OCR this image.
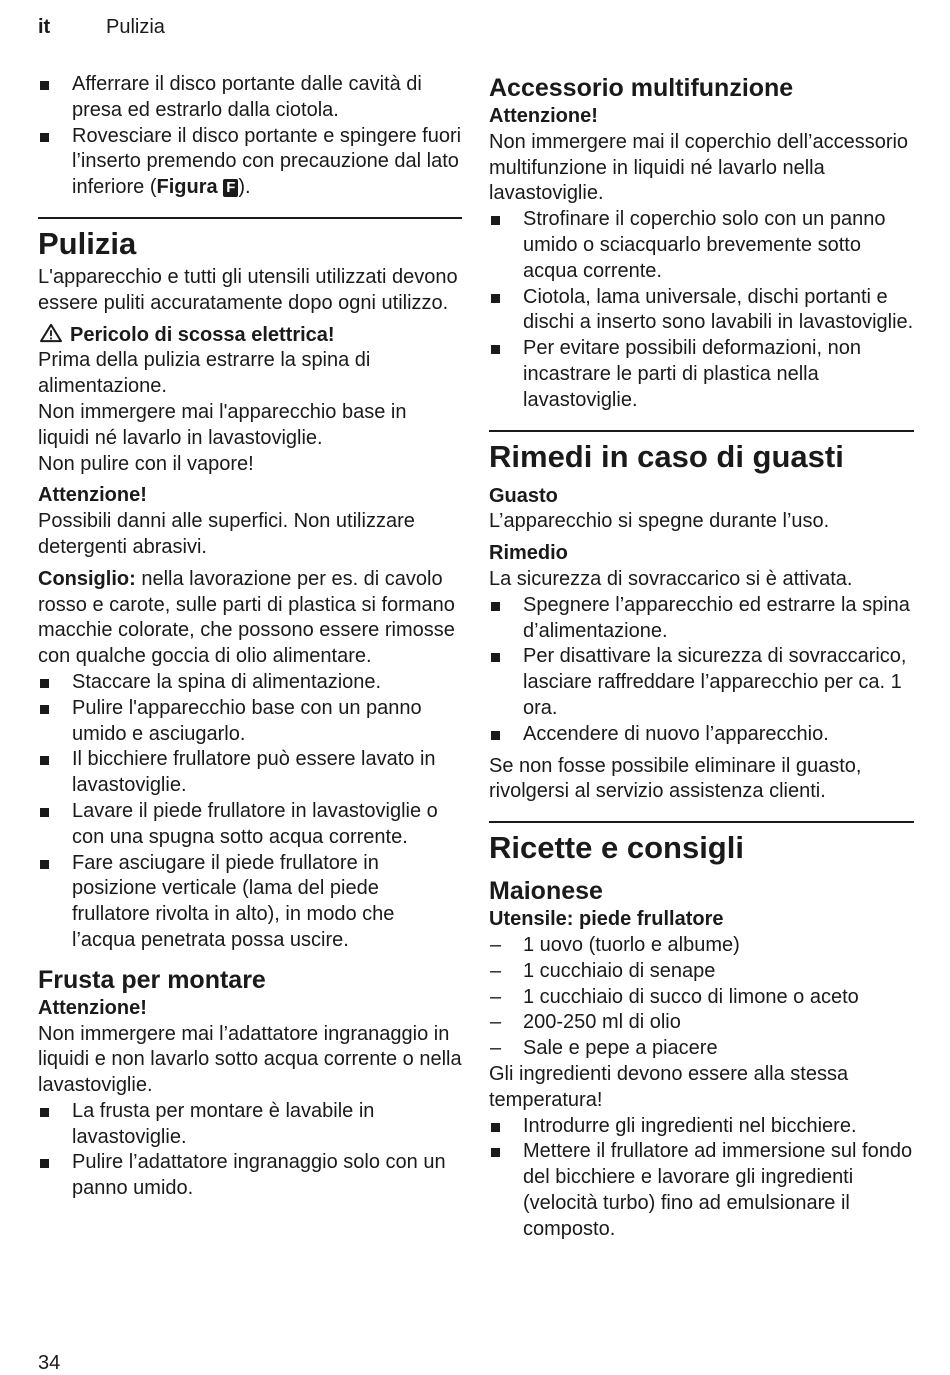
it	Pulizia
Afferrare il disco portante dalle cavità di presa ed estrarlo dalla ciotola.
Rovesciare il disco portante e spingere fuori l’inserto premendo con precauzione dal lato inferiore (Figura F ).
Pulizia

L'apparecchio e tutti gli utensili utilizzati devono essere puliti accuratamente dopo ogni utilizzo.

Pericolo di scossa elettrica!

Prima della pulizia estrarre la spina di alimentazione.

Non immergere mai l'apparecchio base in liquidi né lavarlo in lavastoviglie.

Non pulire con il vapore!

Attenzione!

Possibili danni alle superfici. Non utilizzare detergenti abrasivi.

Consiglio: nella lavorazione per es. di cavolo rosso e carote, sulle parti di plastica si formano macchie colorate, che possono essere rimosse con qualche goccia di olio alimentare.

Staccare la spina di alimentazione.
Pulire l'apparecchio base con un panno umido e asciugarlo.
Il bicchiere frullatore può essere lavato in lavastoviglie.
Lavare il piede frullatore in lavastoviglie o con una spugna sotto acqua corrente.
Fare asciugare il piede frullatore in posizione verticale (lama del piede frullatore rivolta in alto), in modo che l’acqua penetrata possa uscire.
Frusta per montare

Attenzione!

Non immergere mai l’adattatore ingranaggio in liquidi e non lavarlo sotto acqua corrente o nella lavastoviglie.

La frusta per montare è lavabile in lavastoviglie.
Pulire l’adattatore ingranaggio solo con un panno umido.
Accessorio multifunzione

Attenzione!

Non immergere mai il coperchio dell’accessorio multifunzione in liquidi né lavarlo nella lavastoviglie.

Strofinare il coperchio solo con un panno umido o sciacquarlo brevemente sotto acqua corrente.
Ciotola, lama universale, dischi portanti e dischi a inserto sono lavabili in lavastoviglie.
Per evitare possibili deformazioni, non incastrare le parti di plastica nella lavastoviglie.
Rimedi in caso di guasti

Guasto

L’apparecchio si spegne durante l’uso.

Rimedio

La sicurezza di sovraccarico si è attivata.

Spegnere l’apparecchio ed estrarre la spina d’alimentazione.
Per disattivare la sicurezza di sovraccarico, lasciare raffreddare l’apparecchio per ca. 1 ora.
Accendere di nuovo l’apparecchio.

Se non fosse possibile eliminare il guasto, rivolgersi al servizio assistenza clienti.

Ricette e consigli
Maionese

Utensile: piede frullatore

– 1 uovo (tuorlo e albume)
– 1 cucchiaio di senape
– 1 cucchiaio di succo di limone o aceto
– 200-250 ml di olio
– Sale e pepe a piacere

Gli ingredienti devono essere alla stessa temperatura!

Introdurre gli ingredienti nel bicchiere.
Mettere il frullatore ad immersione sul fondo del bicchiere e lavorare gli ingredienti (velocità turbo) fino ad emulsionare il composto.
34
